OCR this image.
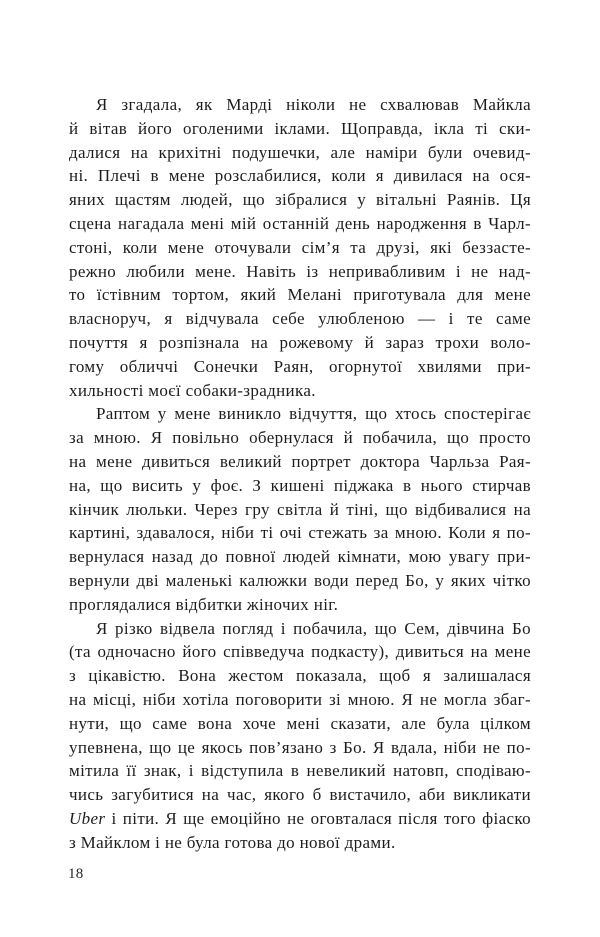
Я згадала, як Марді ніколи не схвалював Майкла
й вітав його оголеними іклами. Щоправда, ікла ті ски-
далися на крихітні подушечки, але наміри були очевид-
ні. Плечі в мене розслабилися, коли я дивилася на ося-
яних щастям людей, що зібралися у вітальні Раянів. Ця
сцена нагадала мені мій останній день народження в Чарл-
стоні, коли мене оточували сім’я та друзі, які беззасте-
режно любили мене. Навіть із непривабливим і не над-
то їстівним тортом, який Мелані приготувала для мене
власноруч, я відчувала себе улюбленою — і те саме
почуття я розпізнала на рожевому й зараз трохи воло-
гому обличчі Сонечки Раян, огорнутої хвилями при-
хильності моєї собаки-зрадника.

Раптом у мене виникло відчуття, що хтось спостерігає
за мною. Я повільно обернулася й побачила, що просто
на мене дивиться великий портрет доктора Чарльза Рая-
на, що висить у фоє. З кишені піджака в нього стирчав
кінчик люльки. Через гру світла й тіні, що відбивалися на
картині, здавалося, ніби ті очі стежать за мною. Коли я по-
вернулася назад до повної людей кімнати, мою увагу при-
вернули дві маленькі калюжки води перед Бо, у яких чітко
проглядалися відбитки жіночих ніг.

Я різко відвела погляд і побачила, що Сем, дівчина Бо
(та одночасно його співведуча подкасту), дивиться на мене
з цікавістю. Вона жестом показала, щоб я залишалася
на місці, ніби хотіла поговорити зі мною. Я не могла збаг-
нути, що саме вона хоче мені сказати, але була цілком
упевнена, що це якось пов’язано з Бо. Я вдала, ніби не по-
мітила її знак, і відступила в невеликий натовп, сподіваю-
чись загубитися на час, якого б вистачило, аби викликати
Uber і піти. Я ще емоційно не оговталася після того фіаско
з Майклом і не була готова до нової драми.

18
